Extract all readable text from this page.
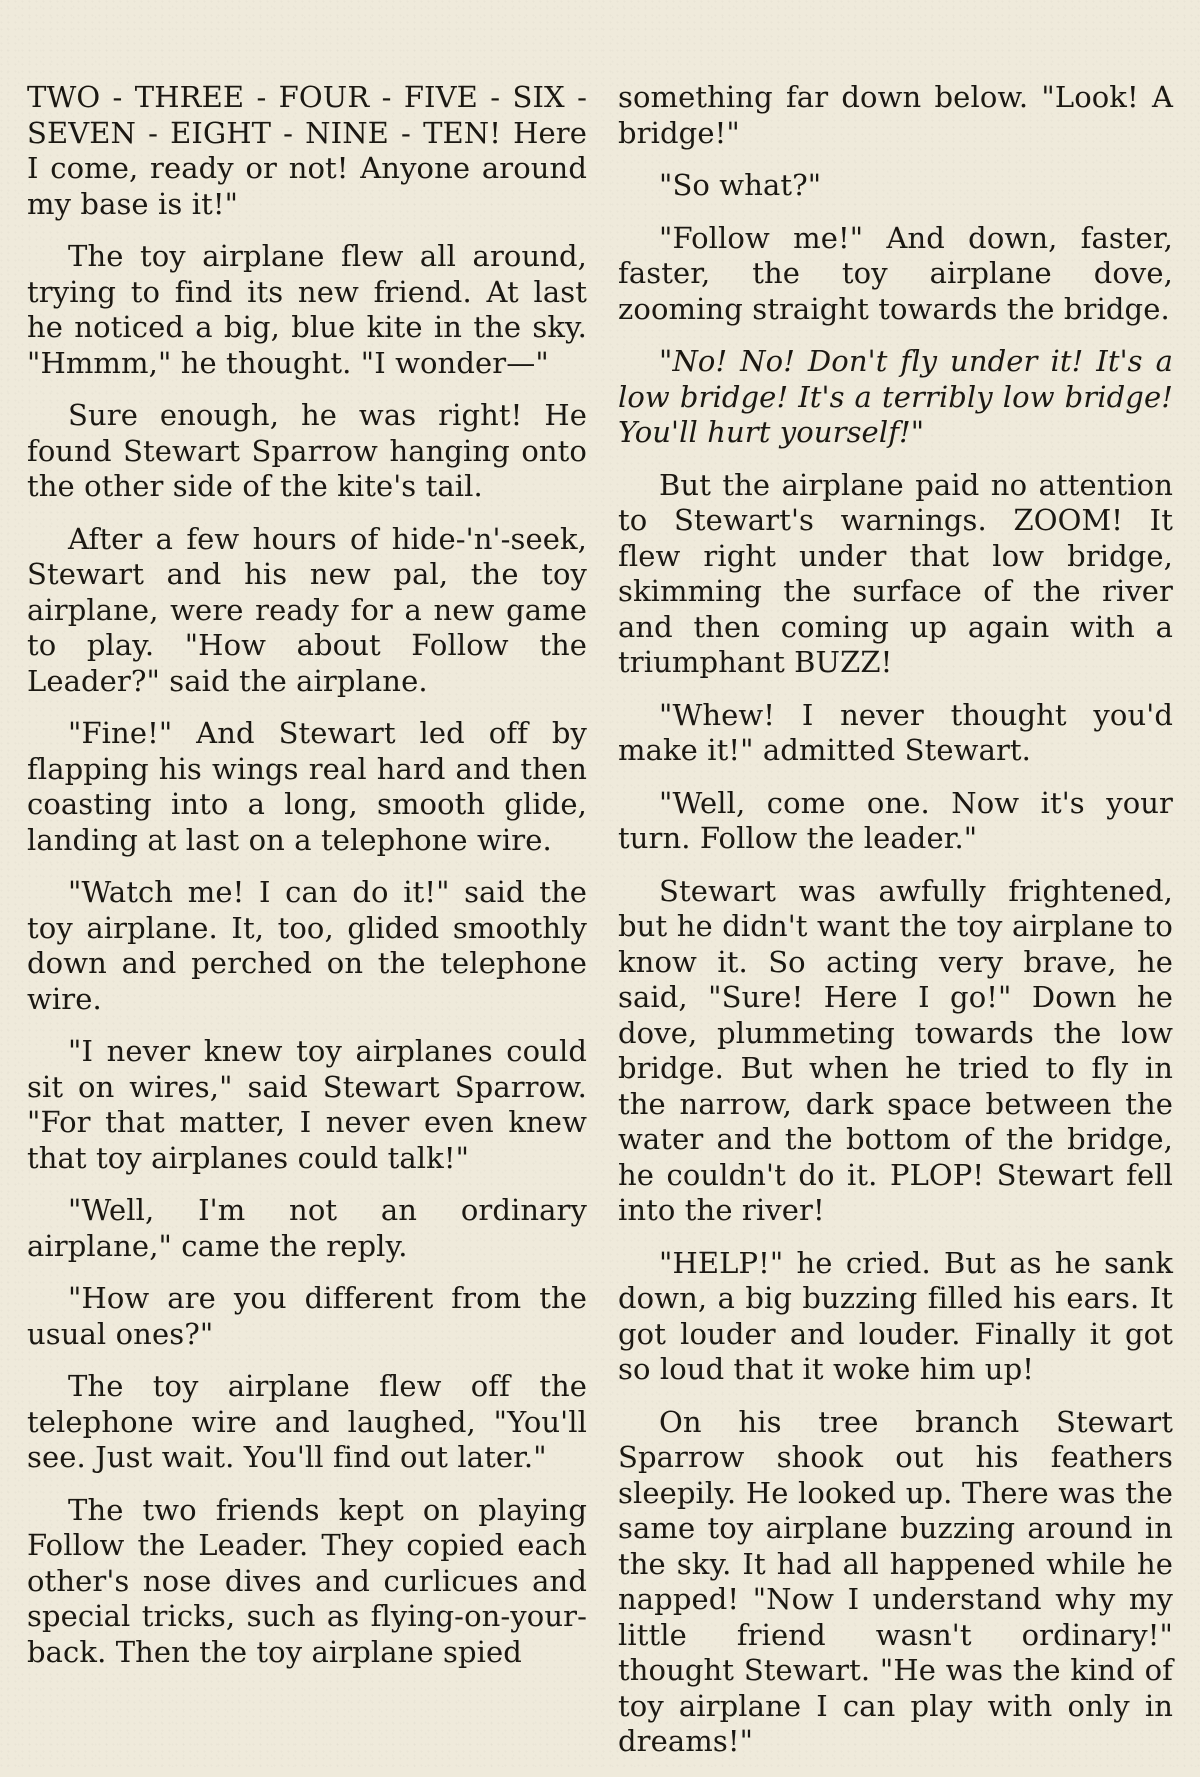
TWO - THREE - FOUR - FIVE - SIX - SEVEN - EIGHT - NINE - TEN! Here I come, ready or not! Anyone around my base is it!"

The toy airplane flew all around, trying to find its new friend. At last he noticed a big, blue kite in the sky. "Hmmm," he thought. "I wonder—"

Sure enough, he was right! He found Stewart Sparrow hanging onto the other side of the kite's tail.

After a few hours of hide-'n'-seek, Stewart and his new pal, the toy airplane, were ready for a new game to play. "How about Follow the Leader?" said the airplane.

"Fine!" And Stewart led off by flapping his wings real hard and then coasting into a long, smooth glide, landing at last on a telephone wire.

"Watch me! I can do it!" said the toy airplane. It, too, glided smoothly down and perched on the telephone wire.

"I never knew toy airplanes could sit on wires," said Stewart Sparrow. "For that matter, I never even knew that toy airplanes could talk!"

"Well, I'm not an ordinary airplane," came the reply.

"How are you different from the usual ones?"

The toy airplane flew off the telephone wire and laughed, "You'll see. Just wait. You'll find out later."

The two friends kept on playing Follow the Leader. They copied each other's nose dives and curlicues and special tricks, such as flying-on-your-back. Then the toy airplane spied

something far down below. "Look! A bridge!"

"So what?"

"Follow me!" And down, faster, faster, the toy airplane dove, zooming straight towards the bridge.

"No! No! Don't fly under it! It's a low bridge! It's a terribly low bridge! You'll hurt yourself!"

But the airplane paid no attention to Stewart's warnings. ZOOM! It flew right under that low bridge, skimming the surface of the river and then coming up again with a triumphant BUZZ!

"Whew! I never thought you'd make it!" admitted Stewart.

"Well, come one. Now it's your turn. Follow the leader."

Stewart was awfully frightened, but he didn't want the toy airplane to know it. So acting very brave, he said, "Sure! Here I go!" Down he dove, plummeting towards the low bridge. But when he tried to fly in the narrow, dark space between the water and the bottom of the bridge, he couldn't do it. PLOP! Stewart fell into the river!

"HELP!" he cried. But as he sank down, a big buzzing filled his ears. It got louder and louder. Finally it got so loud that it woke him up!

On his tree branch Stewart Sparrow shook out his feathers sleepily. He looked up. There was the same toy airplane buzzing around in the sky. It had all happened while he napped! "Now I understand why my little friend wasn't ordinary!" thought Stewart. "He was the kind of toy airplane I can play with only in dreams!"
